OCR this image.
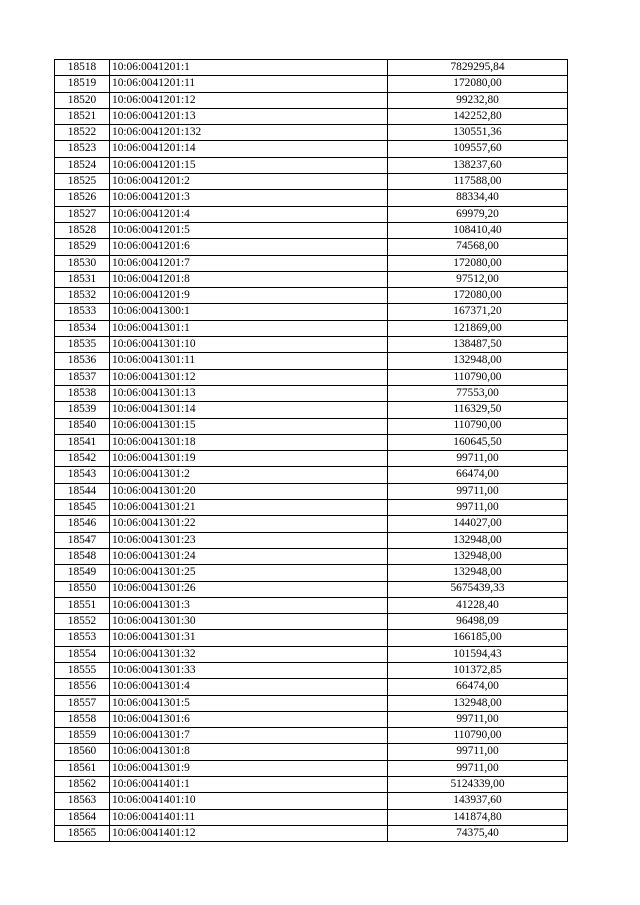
18518	10:06:0041201:1	7829295,84
18519	10:06:0041201:11	172080,00
18520	10:06:0041201:12	99232,80
18521	10:06:0041201:13	142252,80
18522	10:06:0041201:132	130551,36
18523	10:06:0041201:14	109557,60
18524	10:06:0041201:15	138237,60
18525	10:06:0041201:2	117588,00
18526	10:06:0041201:3	88334,40
18527	10:06:0041201:4	69979,20
18528	10:06:0041201:5	108410,40
18529	10:06:0041201:6	74568,00
18530	10:06:0041201:7	172080,00
18531	10:06:0041201:8	97512,00
18532	10:06:0041201:9	172080,00
18533	10:06:0041300:1	167371,20
18534	10:06:0041301:1	121869,00
18535	10:06:0041301:10	138487,50
18536	10:06:0041301:11	132948,00
18537	10:06:0041301:12	110790,00
18538	10:06:0041301:13	77553,00
18539	10:06:0041301:14	116329,50
18540	10:06:0041301:15	110790,00
18541	10:06:0041301:18	160645,50
18542	10:06:0041301:19	99711,00
18543	10:06:0041301:2	66474,00
18544	10:06:0041301:20	99711,00
18545	10:06:0041301:21	99711,00
18546	10:06:0041301:22	144027,00
18547	10:06:0041301:23	132948,00
18548	10:06:0041301:24	132948,00
18549	10:06:0041301:25	132948,00
18550	10:06:0041301:26	5675439,33
18551	10:06:0041301:3	41228,40
18552	10:06:0041301:30	96498,09
18553	10:06:0041301:31	166185,00
18554	10:06:0041301:32	101594,43
18555	10:06:0041301:33	101372,85
18556	10:06:0041301:4	66474,00
18557	10:06:0041301:5	132948,00
18558	10:06:0041301:6	99711,00
18559	10:06:0041301:7	110790,00
18560	10:06:0041301:8	99711,00
18561	10:06:0041301:9	99711,00
18562	10:06:0041401:1	5124339,00
18563	10:06:0041401:10	143937,60
18564	10:06:0041401:11	141874,80
18565	10:06:0041401:12	74375,40
